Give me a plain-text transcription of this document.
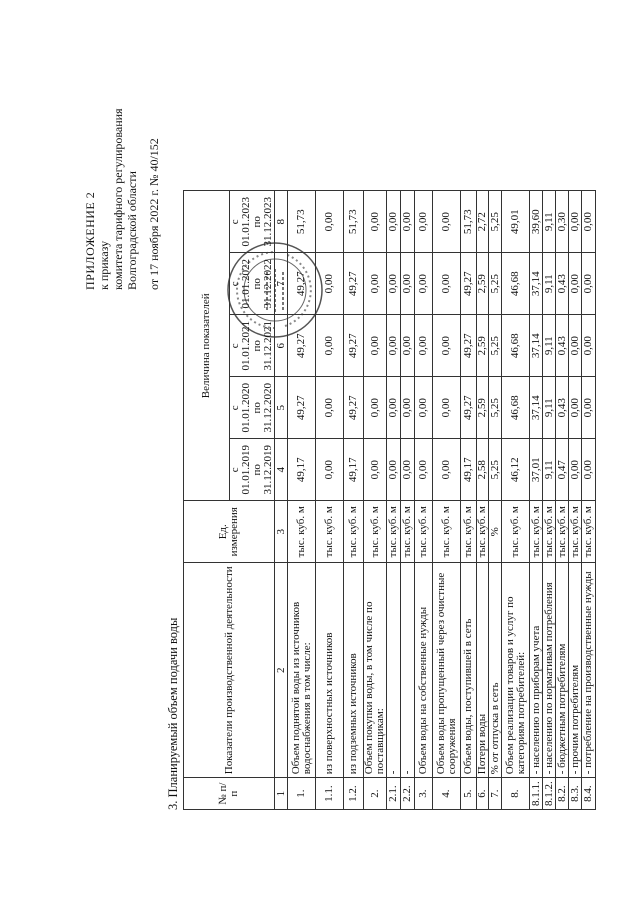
ПРИЛОЖЕНИЕ 2 к приказу комитета тарифного регулирования Волгоградской области от 17 ноября 2022 г. № 40/152
3. Планируемый объем подачи воды	№ п/п	Показатели производственной деятельности	Ед. измерения	Величина показателей				
			с 01.01.2019 по 31.12.2019	с 01.01.2020 по 31.12.2020	с 01.01.2021 по 31.12.2021	с 01.01.2022 по 31.12.2022	с 01.01.2023 по 31.12.2023
1	2	3	4	5	6	7	8
1.	Объем поднятой воды из источников водоснабжения в том числе:	тыс. куб. м	49,17	49,27	49,27	49,27	51,73
1.1.	из поверхностных источников	тыс. куб. м	0,00	0,00	0,00	0,00	0,00
1.2.	из подземных источников	тыс. куб. м	49,17	49,27	49,27	49,27	51,73
2.	Объем покупки воды, в том числе по поставщикам:	тыс. куб. м	0,00	0,00	0,00	0,00	0,00
2.1.	-	тыс. куб. м	0,00	0,00	0,00	0,00	0,00
2.2.	-	тыс. куб. м	0,00	0,00	0,00	0,00	0,00
3.	Объем воды на собственные нужды	тыс. куб. м	0,00	0,00	0,00	0,00	0,00
4.	Объем воды пропущенный через очистные сооружения	тыс. куб. м	0,00	0,00	0,00	0,00	0,00
5.	Объем воды, поступившей в сеть	тыс. куб. м	49,17	49,27	49,27	49,27	51,73
6.	Потери воды	тыс. куб. м	2,58	2,59	2,59	2,59	2,72
7.	% от отпуска в сеть	%	5,25	5,25	5,25	5,25	5,25
8.	Объем реализации товаров и услуг по категориям потребителей:	тыс. куб. м	46,12	46,68	46,68	46,68	49,01
8.1.1.	- населению по приборам учета	тыс. куб. м	37,01	37,14	37,14	37,14	39,60
8.1.2.	- населению по нормативам потребления	тыс. куб. м	9,11	9,11	9,11	9,11	9,11
8.2.	- бюджетным потребителям	тыс. куб. м	0,47	0,43	0,43	0,43	0,30
8.3.	- прочим потребителям	тыс. куб. м	0,00	0,00	0,00	0,00	0,00
8.4.	- потребление на производственные нужды	тыс. куб. м	0,00	0,00	0,00	0,00	0,00
